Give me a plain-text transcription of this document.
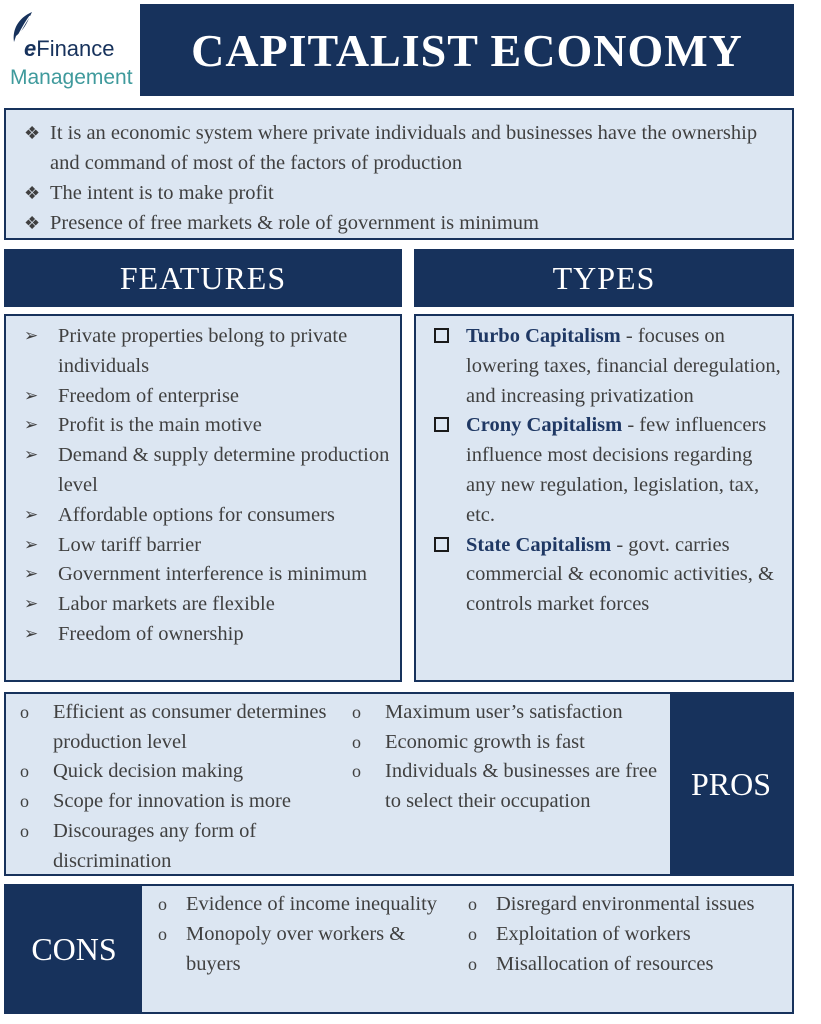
eFinance
Management
CAPITALIST ECONOMY
❖ It is an economic system where private individuals and businesses have the ownership and command of most of the factors of production
❖ The intent is to make profit
❖ Presence of free markets & role of government is minimum
FEATURES	TYPES
➢ Private properties belong to private individuals
➢ Freedom of enterprise
➢ Profit is the main motive
➢ Demand & supply determine production level
➢ Affordable options for consumers
➢ Low tariff barrier
➢ Government interference is minimum
➢ Labor markets are flexible
➢ Freedom of ownership
Turbo Capitalism - focuses on lowering taxes, financial deregulation, and increasing privatization
Crony Capitalism - few influencers influence most decisions regarding any new regulation, legislation, tax, etc.
State Capitalism - govt. carries commercial & economic activities, & controls market forces
o Efficient as consumer determines production level
o Quick decision making
o Scope for innovation is more
o Discourages any form of discrimination
o Maximum user’s satisfaction
o Economic growth is fast
o Individuals & businesses are free to select their occupation	PROS
CONS
o Evidence of income inequality
o Monopoly over workers & buyers
o Disregard environmental issues
o Exploitation of workers
o Misallocation of resources
